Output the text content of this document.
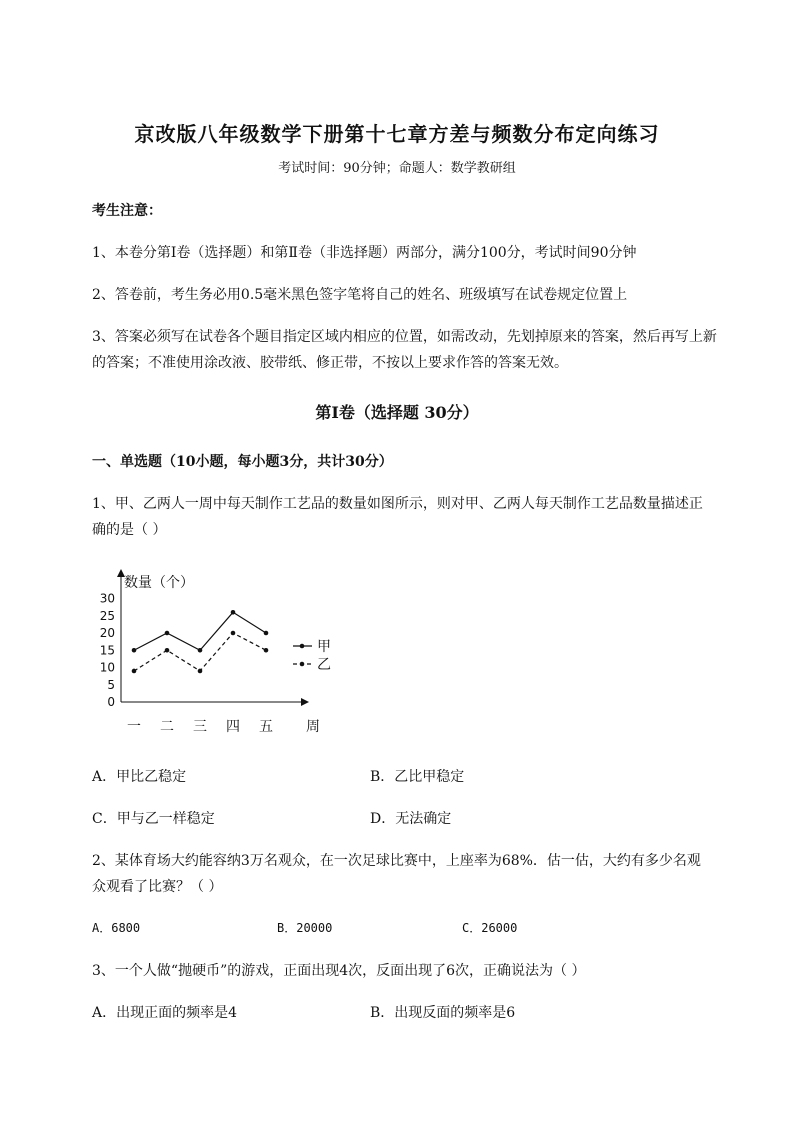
京改版八年级数学下册第十七章方差与频数分布定向练习
考试时间：90分钟；命题人：数学教研组
考生注意：
1、本卷分第I卷（选择题）和第Ⅱ卷（非选择题）两部分，满分100分，考试时间90分钟
2、答卷前，考生务必用0.5毫米黑色签字笔将自己的姓名、班级填写在试卷规定位置上
3、答案必须写在试卷各个题目指定区域内相应的位置，如需改动，先划掉原来的答案，然后再写上新
的答案；不准使用涂改液、胶带纸、修正带，不按以上要求作答的答案无效。
第I卷（选择题 30分）
一、单选题（10小题，每小题3分，共计30分）
1、甲、乙两人一周中每天制作工艺品的数量如图所示，则对甲、乙两人每天制作工艺品数量描述正
确的是（ ）
数量（个）
周
0
5
10
15
20
25
30
一 二 三 四 五
甲
乙
A．甲比乙稳定	B．乙比甲稳定
C．甲与乙一样稳定	D．无法确定
2、某体育场大约能容纳3万名观众，在一次足球比赛中，上座率为68%．估一估，大约有多少名观
众观看了比赛？（ ）
A．6800	B．20000	C．26000
3、一个人做“抛硬币”的游戏，正面出现4次，反面出现了6次，正确说法为（ ）
A．出现正面的频率是4	B．出现反面的频率是6
